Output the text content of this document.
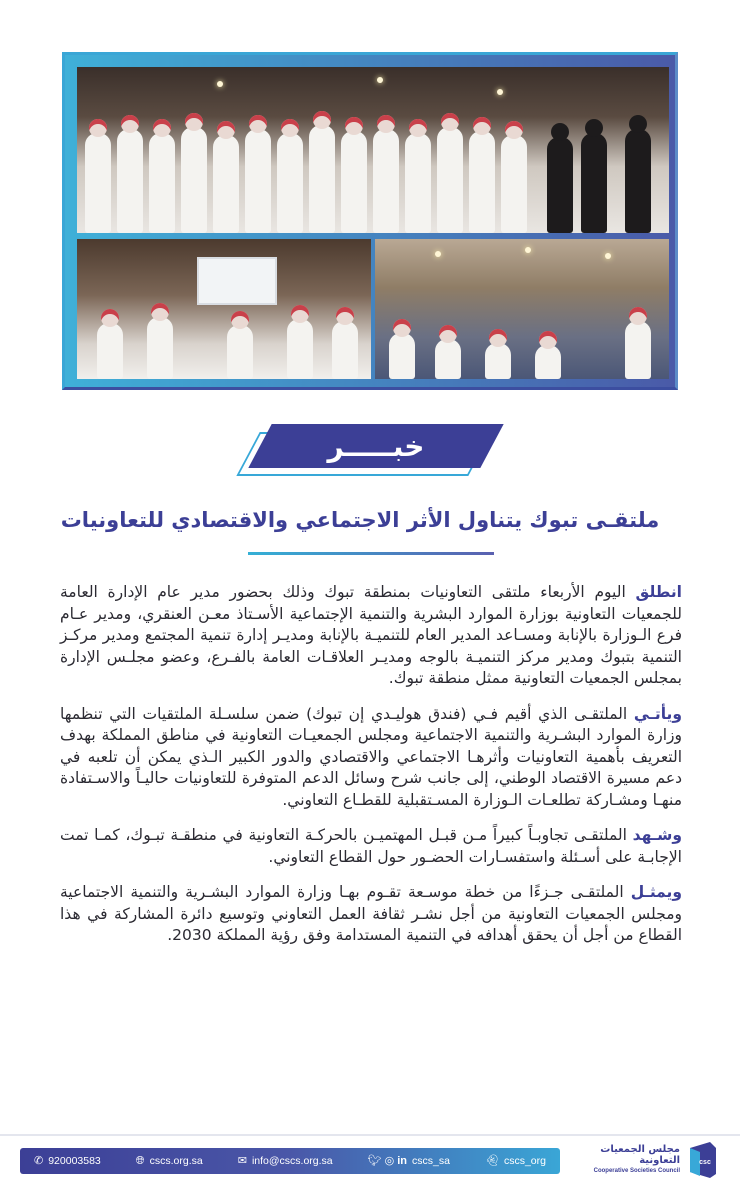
خبـــــر
ملتقـى تبوك يتناول الأثر الاجتماعي والاقتصادي للتعاونيات

انطلق اليوم الأربعاء ملتقى التعاونيات بمنطقة تبوك وذلك بحضور مدير عام الإدارة العامة للجمعيات التعاونية بوزارة الموارد البشرية والتنمية الإجتماعية الأسـتاذ معـن العنقري، ومدير عـام فرع الـوزارة بالإنابة ومسـاعد المدير العام للتنميـة بالإنابة ومديـر إدارة تنمية المجتمع ومدير مركـز التنمية بتبوك ومدير مركز التنميـة بالوجه ومديـر العلاقـات العامة بالفـرع، وعضو مجلـس الإدارة بمجلس الجمعيات التعاونية ممثل منطقة تبوك.

ويأتـي الملتقـى الذي أقيم فـي (فندق هوليـدي إن تبوك) ضمن سلسـلة الملتقيات التي تنظمها وزارة الموارد البشـرية والتنمية الاجتماعية ومجلس الجمعيـات التعاونية في مناطق المملكة بهدف التعريف بأهمية التعاونيات وأثرهـا الاجتماعي والاقتصادي والدور الكبير الـذي يمكن أن تلعبه في دعم مسيرة الاقتصاد الوطني، إلى جانب شرح وسائل الدعم المتوفرة للتعاونيات حاليـاً والاسـتفادة منهـا ومشـاركة تطلعـات الـوزارة المسـتقبلية للقطـاع التعاوني.

وشـهد الملتقـى تجاوبـاً كبيراً مـن قبـل المهتميـن بالحركـة التعاونية في منطقـة تبـوك، كمـا تمت الإجابـة على أسـئلة واستفسـارات الحضـور حول القطاع التعاوني.

ويمثـل الملتقـى جـزءًا من خطة موسـعة تقـوم بهـا وزارة الموارد البشـرية والتنمية الاجتماعية ومجلس الجمعيات التعاونية من أجل نشـر ثقافة العمل التعاوني وتوسيع دائرة المشاركة في هذا القطاع من أجل أن يحقق أهدافه في التنمية المستدامة وفق رؤية المملكة 2030.

✆ 920003583	🌐︎ cscs.org.sa	✉ info@cscs.org.sa	🐦︎ ◎ in cscs_sa	👻︎ cscs_org
مجلس الجمعيات التعاونية
Cooperative Societies Council
csc
